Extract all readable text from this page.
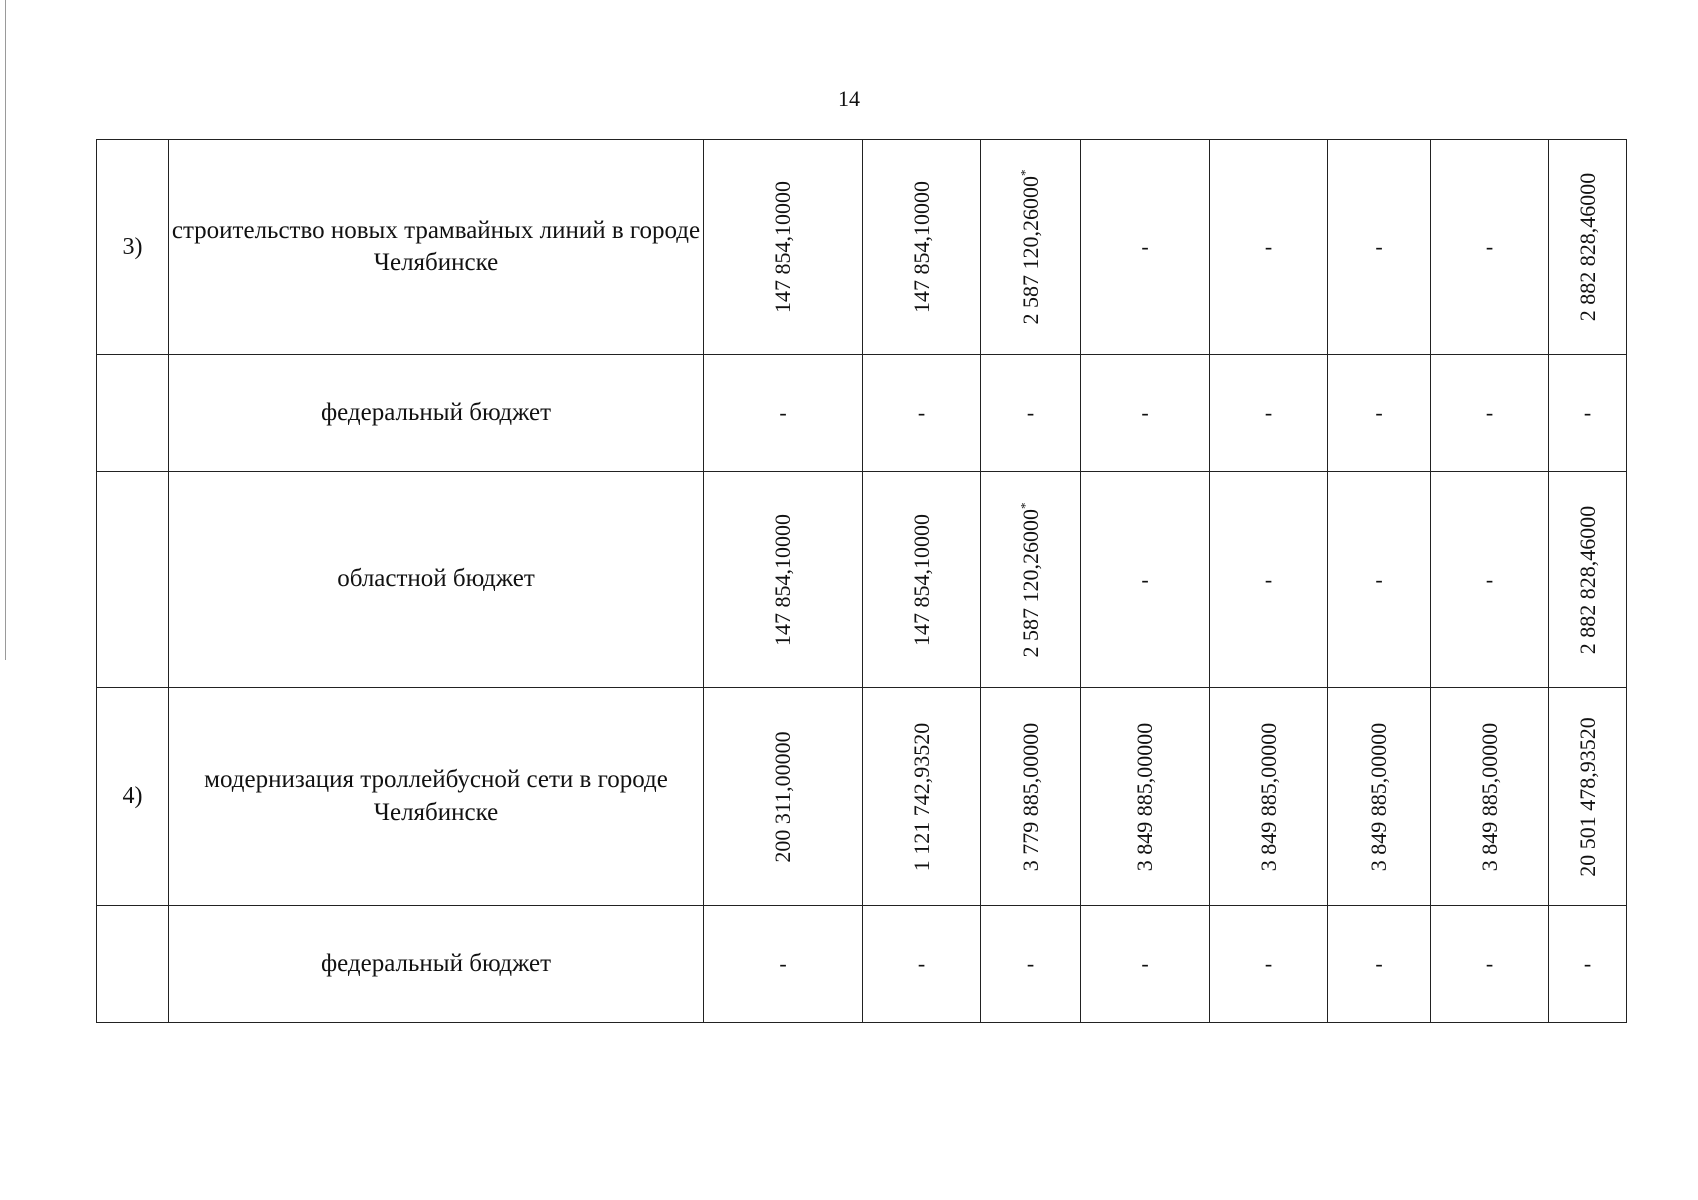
14
3)	строительство новых трамвайных линий в городе Челябинске	147 854,10000	147 854,10000	2 587 120,26000*	-	-	-	-	2 882 828,46000

	федеральный бюджет	-	-	-	-	-	-	-	-
	областной бюджет	147 854,10000	147 854,10000	2 587 120,26000*	-	-	-	-	2 882 828,46000

4)	модернизация троллейбусной сети в городе Челябинске	200 311,00000	1 121 742,93520	3 779 885,00000	3 849 885,00000	3 849 885,00000	3 849 885,00000	3 849 885,00000	20 501 478,93520

	федеральный бюджет	-	-	-	-	-	-	-	-
